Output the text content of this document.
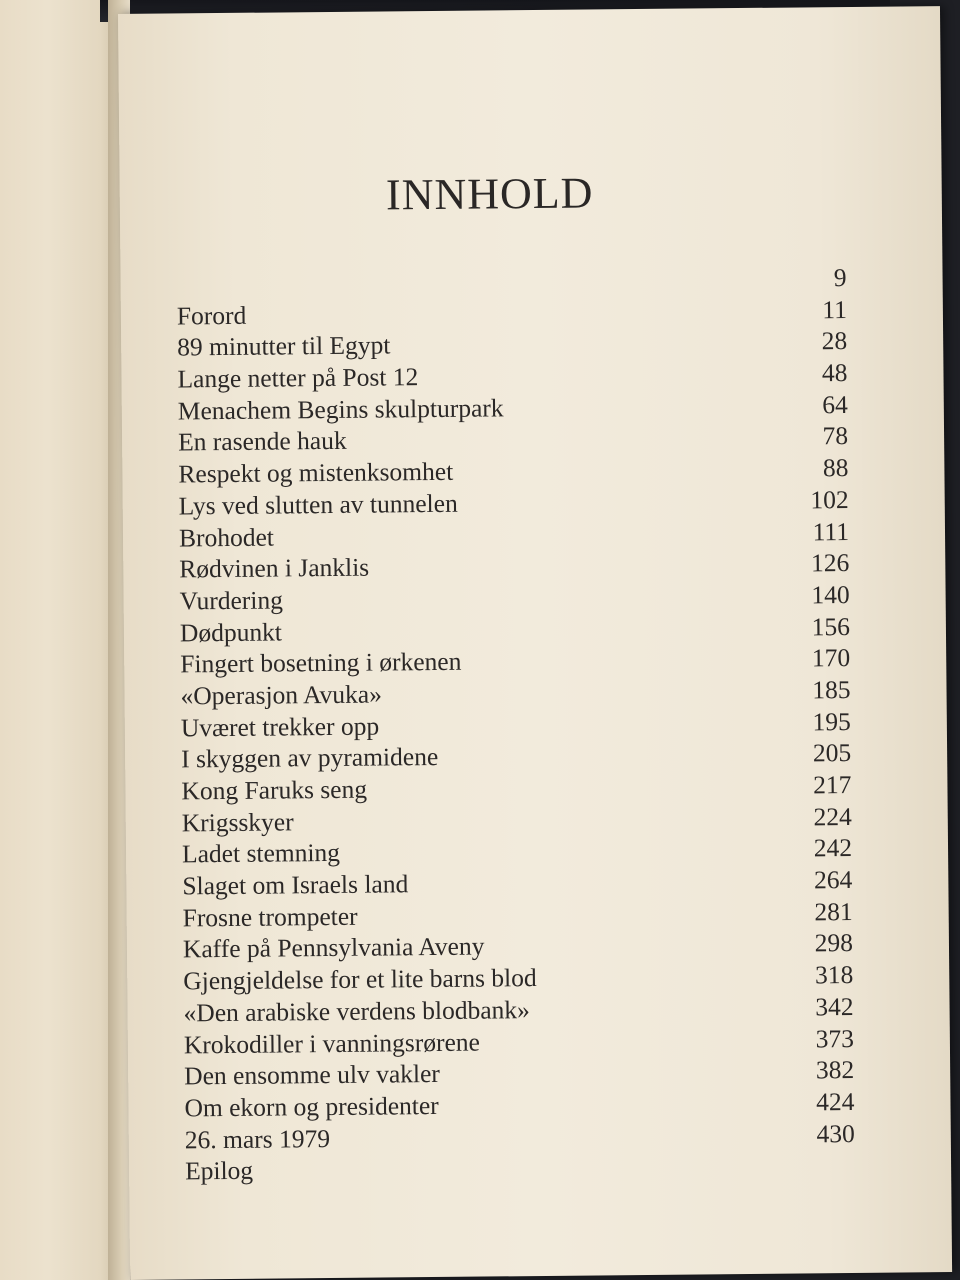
INNHOLD
Forord
9
89 minutter til Egypt
11
Lange netter på Post 12
28
Menachem Begins skulpturpark
48
En rasende hauk
64
Respekt og mistenksomhet
78
Lys ved slutten av tunnelen
88
Brohodet
102
Rødvinen i Janklis
111
Vurdering
126
Dødpunkt
140
Fingert bosetning i ørkenen
156
«Operasjon Avuka»
170
Uværet trekker opp
185
I skyggen av pyramidene
195
Kong Faruks seng
205
Krigsskyer
217
Ladet stemning
224
Slaget om Israels land
242
Frosne trompeter
264
Kaffe på Pennsylvania Aveny
281
Gjengjeldelse for et lite barns blod
298
«Den arabiske verdens blodbank»
318
Krokodiller i vanningsrørene
342
Den ensomme ulv vakler
373
Om ekorn og presidenter
382
26. mars 1979
424
Epilog
430
